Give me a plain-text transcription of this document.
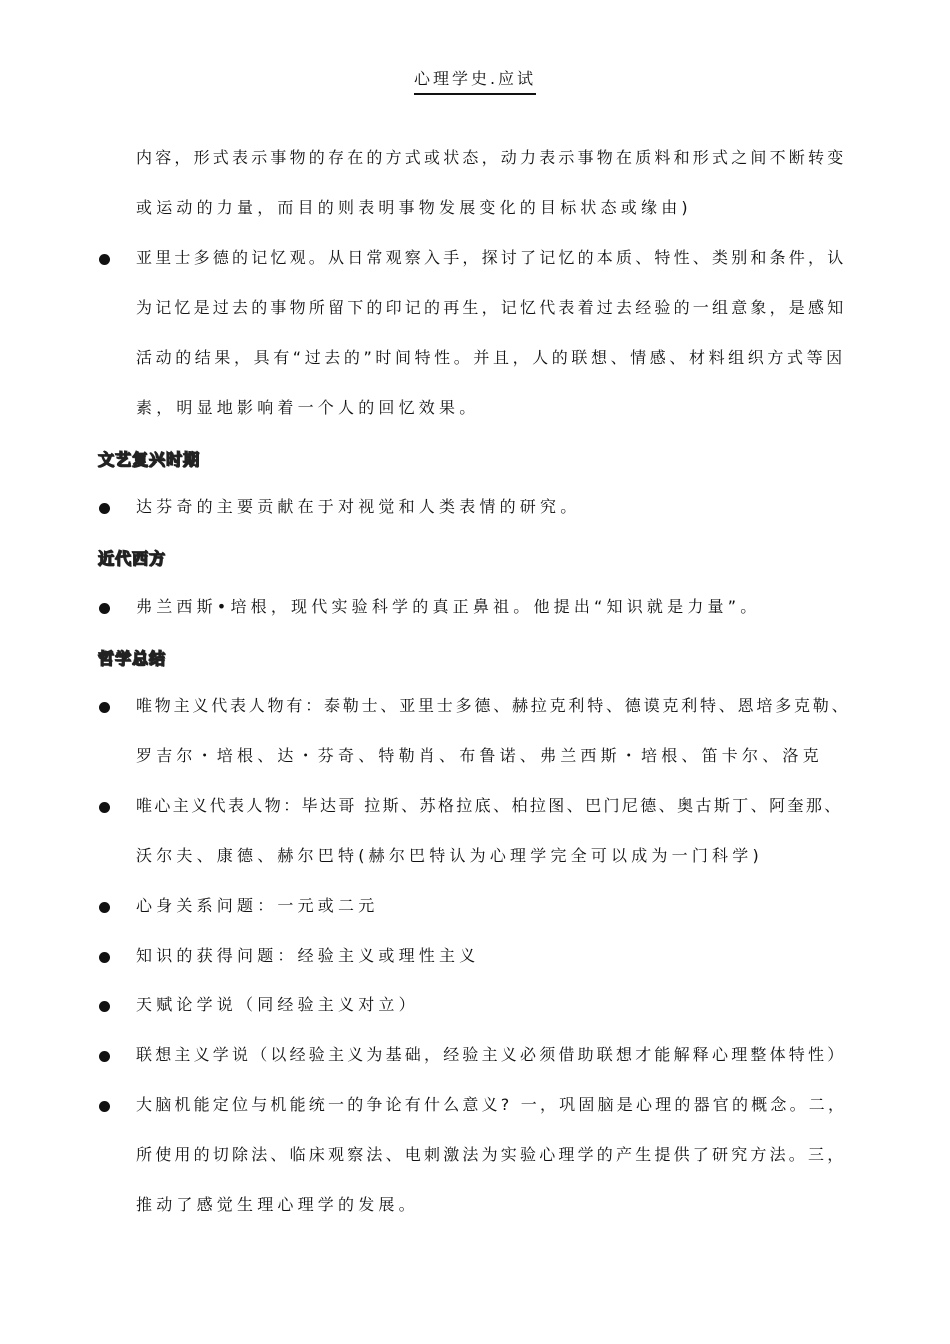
心理学史.应试
内容，形式表示事物的存在的方式或状态，动力表示事物在质料和形式之间不断转变
或运动的力量，而目的则表明事物发展变化的目标状态或缘由)
亚里士多德的记忆观。从日常观察入手，探讨了记忆的本质、特性、类别和条件，认
为记忆是过去的事物所留下的印记的再生，记忆代表着过去经验的一组意象，是感知
活动的结果，具有“过去的”时间特性。并且，人的联想、情感、材料组织方式等因
素，明显地影响着一个人的回忆效果。
文艺复兴时期
达芬奇的主要贡献在于对视觉和人类表情的研究。
近代西方
弗兰西斯•培根，现代实验科学的真正鼻祖。他提出“知识就是力量”。
哲学总结
唯物主义代表人物有：泰勒士、亚里士多德、赫拉克利特、德谟克利特、恩培多克勒、
罗吉尔・培根、达・芬奇、特勒肖、布鲁诺、弗兰西斯・培根、笛卡尔、洛克
唯心主义代表人物：毕达哥 拉斯、苏格拉底、柏拉图、巴门尼德、奥古斯丁、阿奎那、
沃尔夫、康德、赫尔巴特(赫尔巴特认为心理学完全可以成为一门科学)
心身关系问题：一元或二元
知识的获得问题：经验主义或理性主义
天赋论学说（同经验主义对立）
联想主义学说（以经验主义为基础，经验主义必须借助联想才能解释心理整体特性）
大脑机能定位与机能统一的争论有什么意义? 一，巩固脑是心理的器官的概念。二，
所使用的切除法、临床观察法、电刺激法为实验心理学的产生提供了研究方法。三，
推动了感觉生理心理学的发展。
